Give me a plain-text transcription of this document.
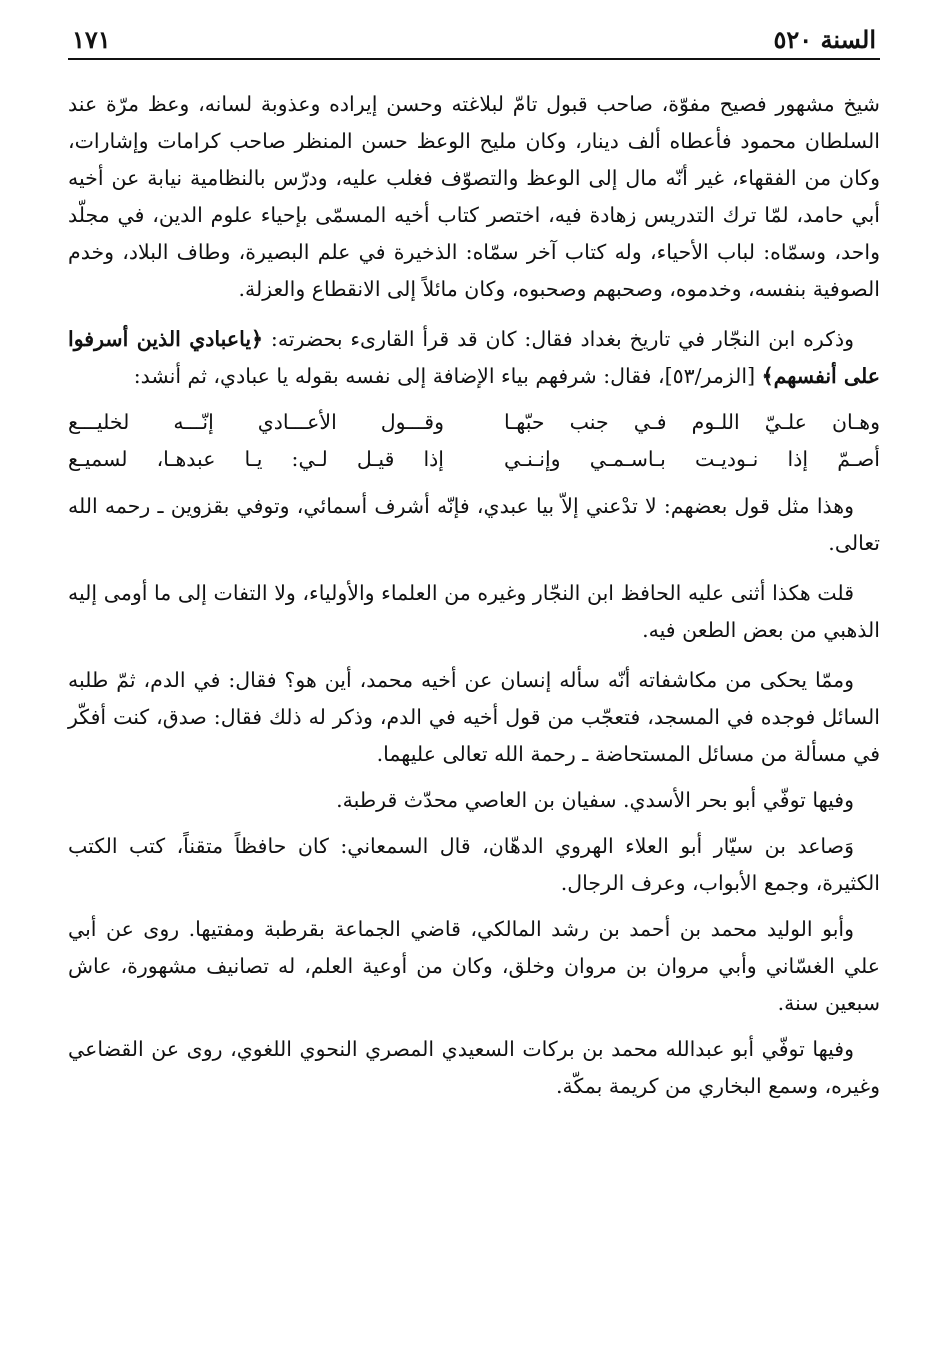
السنة ٥٢٠
١٧١

شيخ مشهور فصيح مفوّة، صاحب قبول تامّ لبلاغته وحسن إيراده وعذوبة لسانه، وعظ مرّة عند السلطان محمود فأعطاه ألف دينار، وكان مليح الوعظ حسن المنظر صاحب كرامات وإشارات، وكان من الفقهاء، غير أنّه مال إلى الوعظ والتصوّف فغلب عليه، ودرّس بالنظامية نيابة عن أخيه أبي حامد، لمّا ترك التدريس زهادة فيه، اختصر كتاب أخيه المسمّى بإحياء علوم الدين، في مجلّد واحد، وسمّاه: لباب الأحياء، وله كتاب آخر سمّاه: الذخيرة في علم البصيرة، وطاف البلاد، وخدم الصوفية بنفسه، وخدموه، وصحبهم وصحبوه، وكان مائلاً إلى الانقطاع والعزلة.

وذكره ابن النجّار في تاريخ بغداد فقال: كان قد قرأ القارىء بحضرته: ﴿ياعبادي الذين أسرفوا على أنفسهم﴾ [الزمر/٥٣]، فقال: شرفهم بياء الإضافة إلى نفسه بقوله يا عبادي، ثم أنشد:

وهـان علـيّ اللـوم فـي جنب حبّهـا
وقـــول الأعـــادي إنّـــه لخليـــع
أصـمّ إذا نـوديـت بـاسـمـي وإنـنـي
إذا قيـل لـي: يـا عبدهـا، لسميـع

وهذا مثل قول بعضهم: لا تدْعني إلاّ بيا عبدي، فإنّه أشرف أسمائي، وتوفي بقزوين ـ رحمه الله تعالى.

قلت هكذا أثنى عليه الحافظ ابن النجّار وغيره من العلماء والأولياء، ولا التفات إلى ما أومى إليه الذهبي من بعض الطعن فيه.

وممّا يحكى من مكاشفاته أنّه سأله إنسان عن أخيه محمد، أين هو؟ فقال: في الدم، ثمّ طلبه السائل فوجده في المسجد، فتعجّب من قول أخيه في الدم، وذكر له ذلك فقال: صدق، كنت أفكّر في مسألة من مسائل المستحاضة ـ رحمة الله تعالى عليهما.

وفيها توفّي أبو بحر الأسدي. سفيان بن العاصي محدّث قرطبة.

وَصاعد بن سيّار أبو العلاء الهروي الدهّان، قال السمعاني: كان حافظاً متقناً، كتب الكتب الكثيرة، وجمع الأبواب، وعرف الرجال.

وأبو الوليد محمد بن أحمد بن رشد المالكي، قاضي الجماعة بقرطبة ومفتيها. روى عن أبي علي الغسّاني وأبي مروان بن مروان وخلق، وكان من أوعية العلم، له تصانيف مشهورة، عاش سبعين سنة.

وفيها توفّي أبو عبدالله محمد بن بركات السعيدي المصري النحوي اللغوي، روى عن القضاعي وغيره، وسمع البخاري من كريمة بمكّة.
